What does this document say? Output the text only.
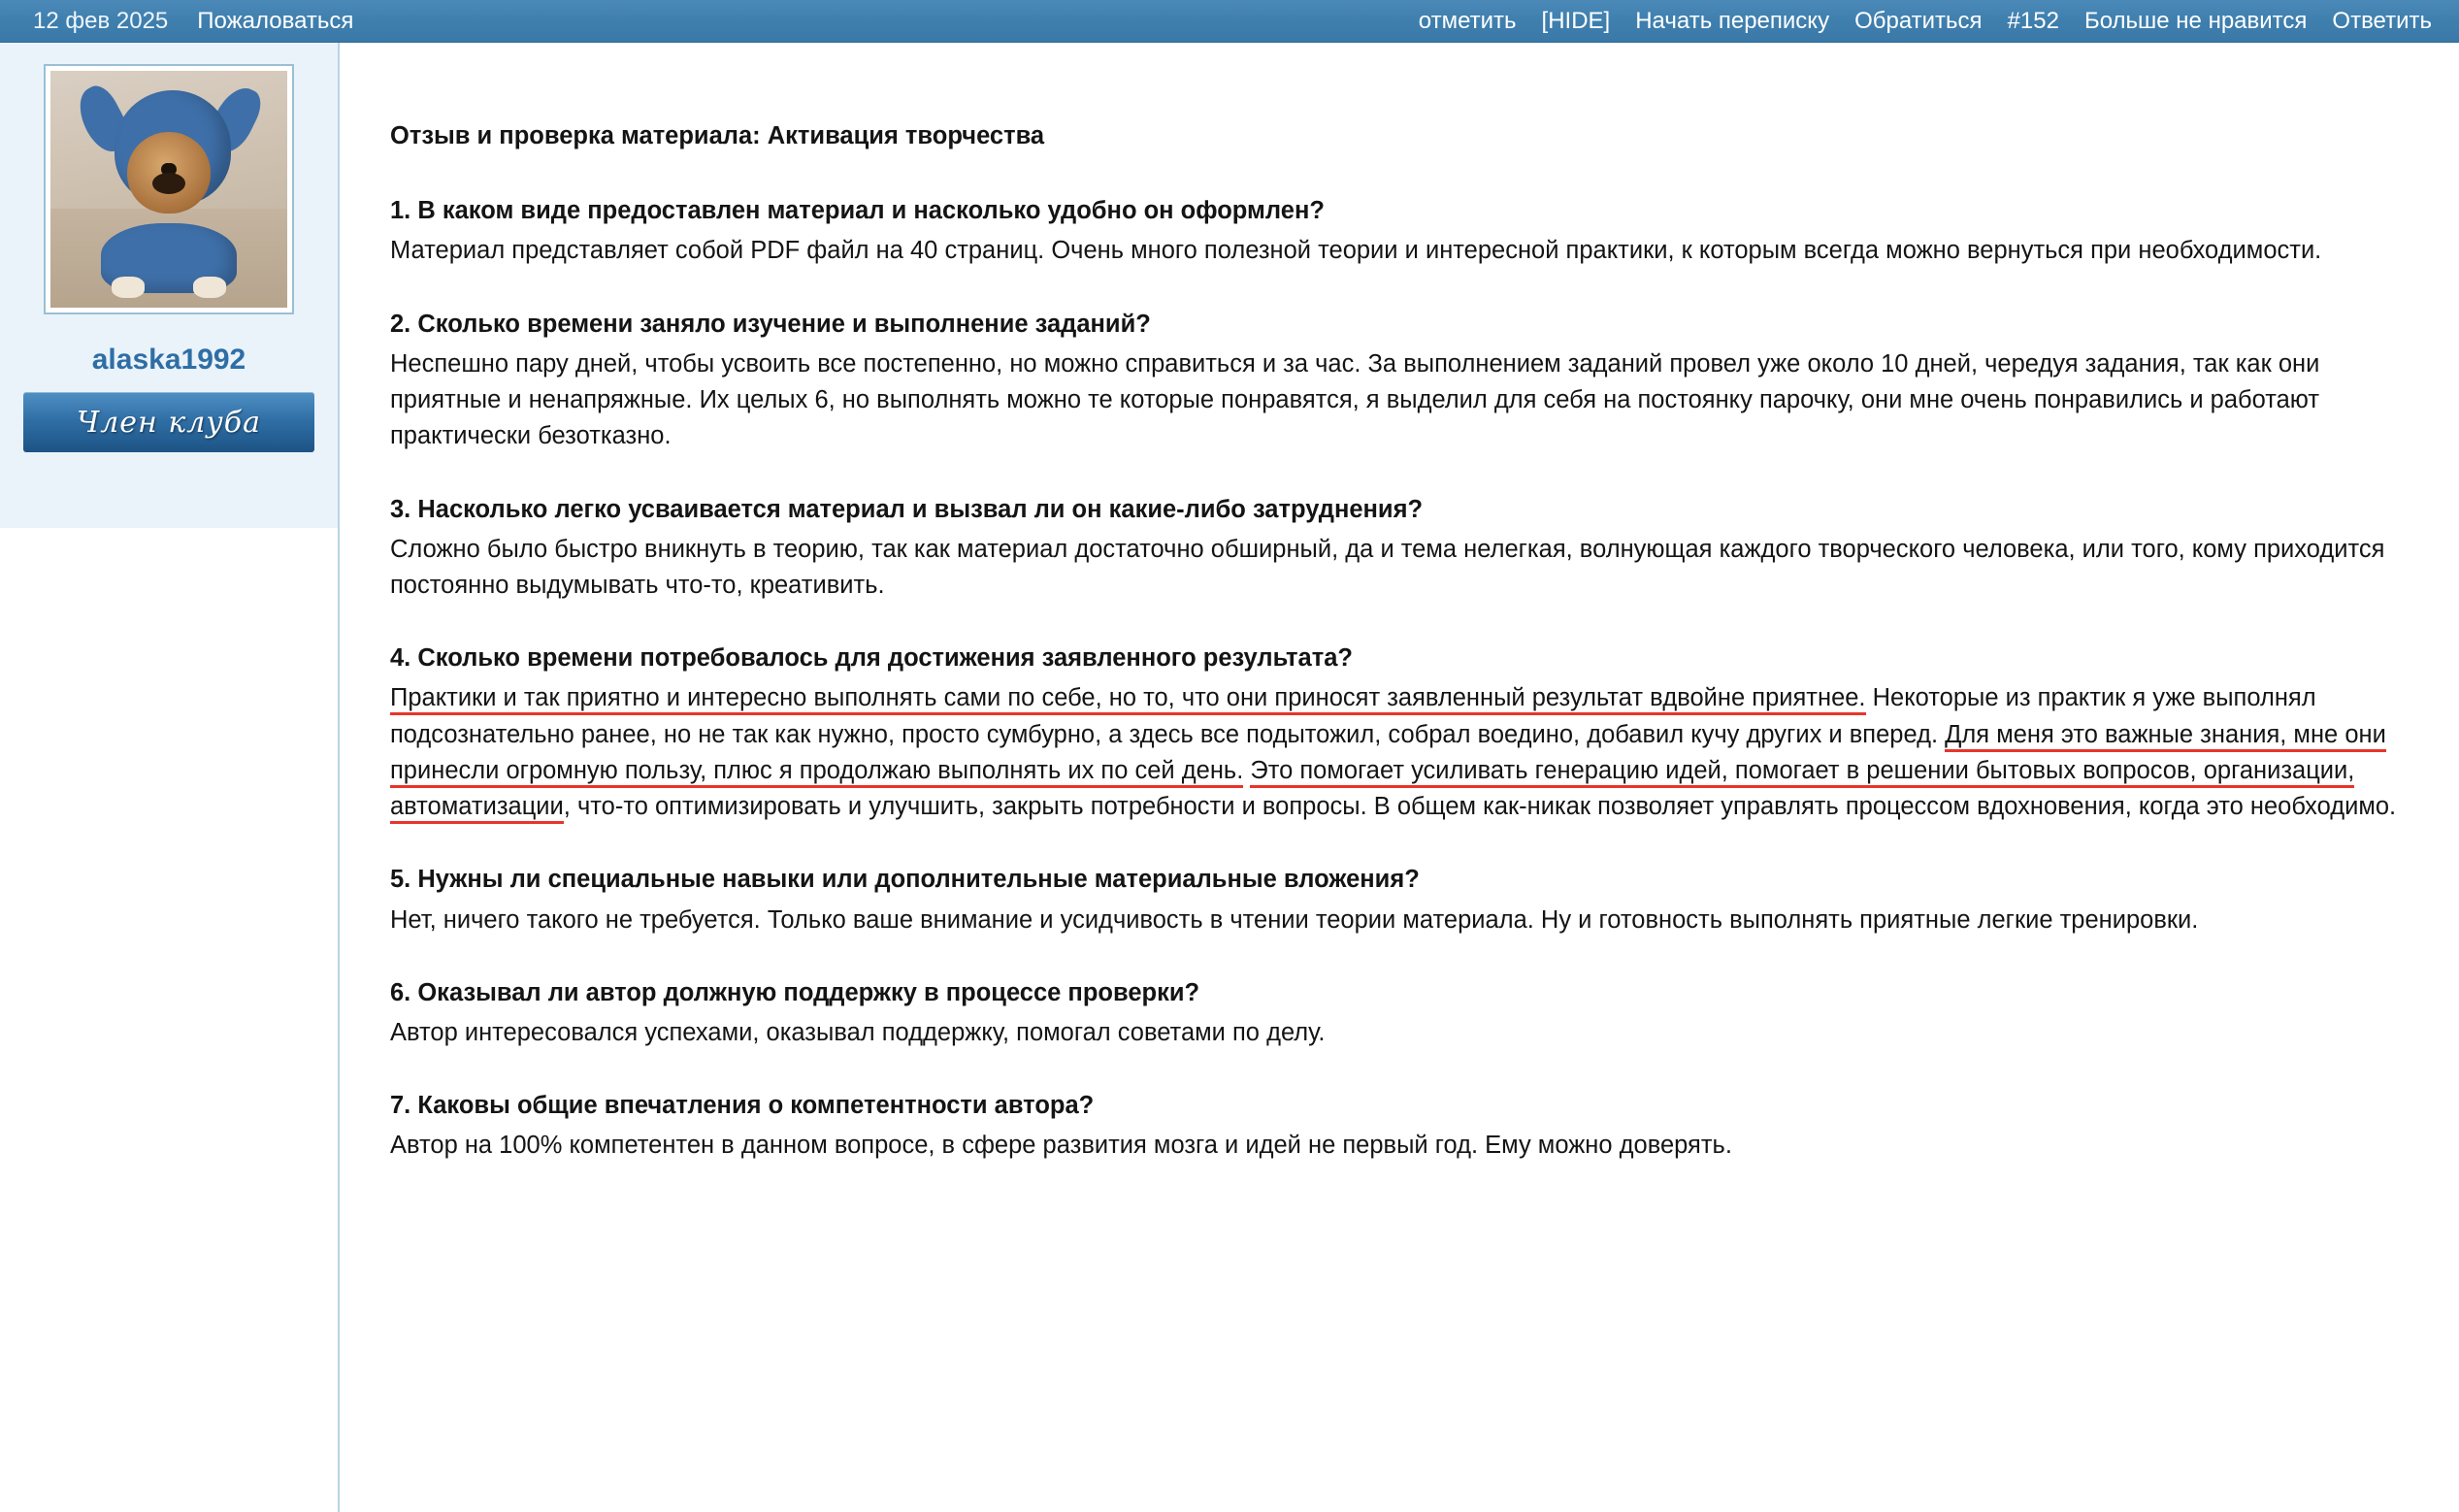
12 фев 2025 Пожаловаться	отметить [HIDE] Начать переписку Обратиться #152 Больше не нравится Ответить
alaska1992
Член клуба

Отзыв и проверка материала: Активация творчества

1. В каком виде предоставлен материал и насколько удобно он оформлен?

Материал представляет собой PDF файл на 40 страниц. Очень много полезной теории и интересной практики, к которым всегда можно вернуться при необходимости.

2. Сколько времени заняло изучение и выполнение заданий?

Неспешно пару дней, чтобы усвоить все постепенно, но можно справиться и за час. За выполнением заданий провел уже около 10 дней, чередуя задания, так как они приятные и ненапряжные. Их целых 6, но выполнять можно те которые понравятся, я выделил для себя на постоянку парочку, они мне очень понравились и работают практически безотказно.

3. Насколько легко усваивается материал и вызвал ли он какие-либо затруднения?

Сложно было быстро вникнуть в теорию, так как материал достаточно обширный, да и тема нелегкая, волнующая каждого творческого человека, или того, кому приходится постоянно выдумывать что-то, креативить.

4. Сколько времени потребовалось для достижения заявленного результата?

Практики и так приятно и интересно выполнять сами по себе, но то, что они приносят заявленный результат вдвойне приятнее. Некоторые из практик я уже выполнял подсознательно ранее, но не так как нужно, просто сумбурно, а здесь все подытожил, собрал воедино, добавил кучу других и вперед. Для меня это важные знания, мне они принесли огромную пользу, плюс я продолжаю выполнять их по сей день. Это помогает усиливать генерацию идей, помогает в решении бытовых вопросов, организации, автоматизации, что-то оптимизировать и улучшить, закрыть потребности и вопросы. В общем как-никак позволяет управлять процессом вдохновения, когда это необходимо.

5. Нужны ли специальные навыки или дополнительные материальные вложения?

Нет, ничего такого не требуется. Только ваше внимание и усидчивость в чтении теории материала. Ну и готовность выполнять приятные легкие тренировки.

6. Оказывал ли автор должную поддержку в процессе проверки?

Автор интересовался успехами, оказывал поддержку, помогал советами по делу.

7. Каковы общие впечатления о компетентности автора?

Автор на 100% компетентен в данном вопросе, в сфере развития мозга и идей не первый год. Ему можно доверять.
